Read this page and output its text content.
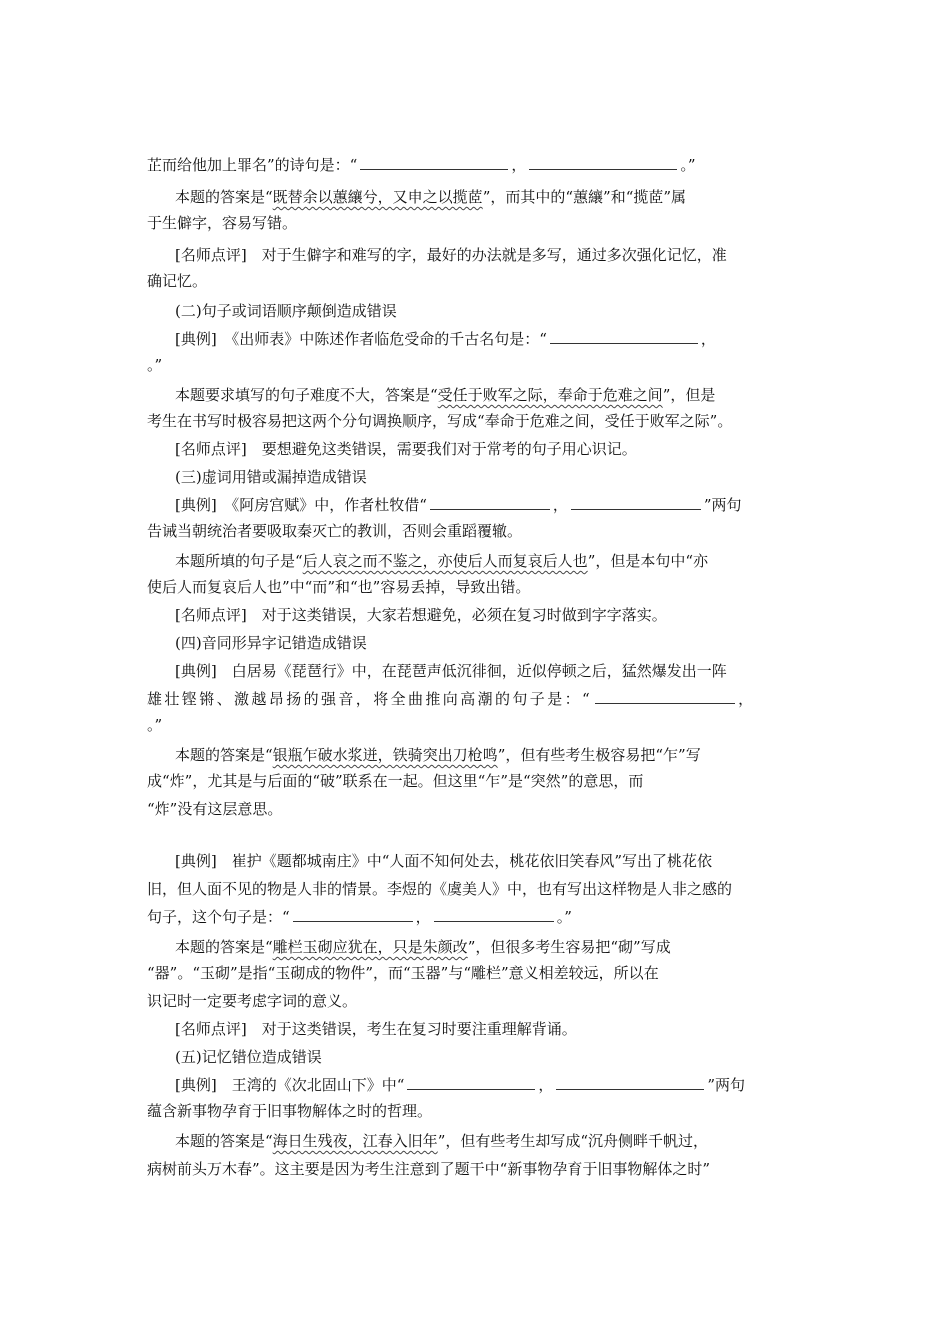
芷而给他加上罪名”的诗句是：“	，	。”
本题的答案是“既替余以蕙纕兮，又申之以揽茝”，而其中的“蕙纕”和“揽茝”属
于生僻字，容易写错。
[名师点评]　对于生僻字和难写的字，最好的办法就是多写，通过多次强化记忆，准
确记忆。
(二)句子或词语顺序颠倒造成错误
[典例]　《出师表》中陈述作者临危受命的千古名句是：“	，
。”
本题要求填写的句子难度不大，答案是“受任于败军之际，奉命于危难之间”，但是
考生在书写时极容易把这两个分句调换顺序，写成“奉命于危难之间，受任于败军之际”。
[名师点评]　要想避免这类错误，需要我们对于常考的句子用心识记。
(三)虚词用错或漏掉造成错误
[典例]　《阿房宫赋》中，作者杜牧借“	，	”两句
告诫当朝统治者要吸取秦灭亡的教训，否则会重蹈覆辙。
本题所填的句子是“后人哀之而不鉴之，亦使后人而复哀后人也”，但是本句中“亦
使后人而复哀后人也”中“而”和“也”容易丢掉，导致出错。
[名师点评]　对于这类错误，大家若想避免，必须在复习时做到字字落实。
(四)音同形异字记错造成错误
[典例]　白居易《琵琶行》中，在琵琶声低沉徘徊，近似停顿之后，猛然爆发出一阵
雄壮铿锵、激越昂扬的强音，将全曲推向高潮的句子是：“	，
。”
本题的答案是“银瓶乍破水浆迸，铁骑突出刀枪鸣”，但有些考生极容易把“乍”写
成“炸”，尤其是与后面的“破”联系在一起。但这里“乍”是“突然”的意思，而
“炸”没有这层意思。
[典例]　崔护《题都城南庄》中“人面不知何处去，桃花依旧笑春风”写出了桃花依
旧，但人面不见的物是人非的情景。李煜的《虞美人》中，也有写出这样物是人非之感的
句子，这个句子是：“	，	。”
本题的答案是“雕栏玉砌应犹在，只是朱颜改”，但很多考生容易把“砌”写成
“器”。“玉砌”是指“玉砌成的物件”，而“玉器”与“雕栏”意义相差较远，所以在
识记时一定要考虑字词的意义。
[名师点评]　对于这类错误，考生在复习时要注重理解背诵。
(五)记忆错位造成错误
[典例]　王湾的《次北固山下》中“	，	”两句
蕴含新事物孕育于旧事物解体之时的哲理。
本题的答案是“海日生残夜，江春入旧年”，但有些考生却写成“沉舟侧畔千帆过，
病树前头万木春”。这主要是因为考生注意到了题干中“新事物孕育于旧事物解体之时”
